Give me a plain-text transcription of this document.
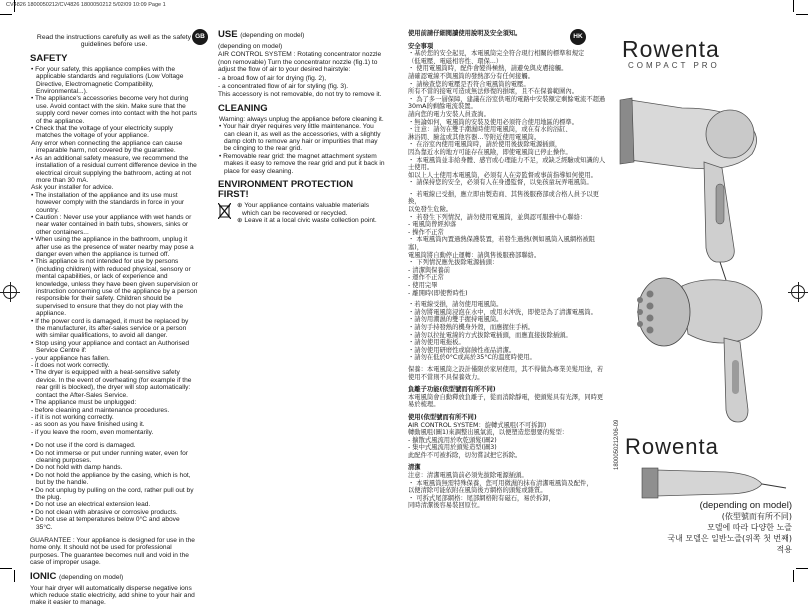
CV4826 1800050212/CV4826 1800050212 5/02/09 10:09 Page 1
GB	HK
Read the instructions carefully as well as the safety guidelines before use.
SAFETY
• For your safety, this appliance complies with the applicable standards and regulations (Low Voltage Directive, Electromagnetic Compatibility, Environmental...).
• The appliance's accessories become very hot during use. Avoid contact with the skin. Make sure that the supply cord never comes into contact with the hot parts of the appliance.
• Check that the voltage of your electricity supply matches the voltage of your appliance.
Any error when connecting the appliance can cause irreparable harm, not covered by the guarantee.
• As an additional safety measure, we recommend the installation of a residual current difference device in the electrical circuit supplying the bathroom, acting at not more than 30 mA.
Ask your installer for advice.
• The installation of the appliance and its use must however comply with the standards in force in your country.
• Caution : Never use your appliance with wet hands or near water contained in bath tubs, showers, sinks or other containers...
• When using the appliance in the bathroom, unplug it after use as the presence of water nearby may pose a danger even when the appliance is turned off.
• This appliance is not intended for use by persons (including children) with reduced physical, sensory or mental capabilities, or lack of experience and knowledge, unless they have been given supervision or instruction concerning use of the appliance by a person responsible for their safety. Children should be supervised to ensure that they do not play with the appliance.
• If the power cord is damaged, it must be replaced by the manufacturer, its after-sales service or a person with similar qualifications, to avoid all danger.
• Stop using your appliance and contact an Authorised Service Centre if:
- your appliance has fallen.
- it does not work correctly.
• The dryer is equipped with a heat-sensitive safety device. In the event of overheating (for example if the rear grill is blocked), the dryer will stop automatically: contact the After-Sales Service.
• The appliance must be unplugged:
- before cleaning and maintenance procedures.
- if it is not working correctly.
- as soon as you have finished using it.
- if you leave the room, even momentarily.
• Do not use if the cord is damaged.
• Do not immerse or put under running water, even for cleaning purposes.
• Do not hold with damp hands.
• Do not hold the appliance by the casing, which is hot, but by the handle.
• Do not unplug by pulling on the cord, rather pull out by the plug.
• Do not use an electrical extension lead.
• Do not clean with abrasive or corrosive products.
• Do not use at temperatures below 0°C and above 35°C.
GUARANTEE : Your appliance is designed for use in the home only. It should not be used for professional purposes. The guarantee becomes null and void in the case of improper usage.
IONIC (depending on model)
Your hair dryer will automatically disperse negative ions which reduce static electricity, add shine to your hair and make it easier to manage.
USE (depending on model)
(depending on model)
AIR CONTROL SYSTEM : Rotating concentrator nozzle (non removable) Turn the concentrator nozzle (fig.1) to adjust the flow of air to your desired hairstyle:
- a broad flow of air for drying (fig. 2),
- a concentrated flow of air for styling (fig. 3).
This accessory is not removable, do not try to remove it.
CLEANING
Warning: always unplug the appliance before cleaning it.
• Your hair dryer requires very little maintenance. You can clean it, as well as the accessories, with a slightly damp cloth to remove any hair or impurities that may be clinging to the rear grid.
• Removable rear grid: the magnet attachment system makes it easy to remove the rear grid and put it back in place for easy cleaning.
ENVIRONMENT PROTECTION FIRST!
⊕ Your appliance contains valuable materials which can be recovered or recycled.
⊕ Leave it at a local civic waste collection point.
使用前請仔細閱讀使用說明及安全須知。
安全事項
・基於您的安全起見，本電風筒完全符合現行相關的標準和規定
（低電壓、電磁相容性、環保...）
・ 使用電風筒時，配件會變得極熱，請避免與皮膚接觸。
請確認電線不與風筒的發熱部分有任何接觸。
・ 請檢查您的電壓是否符合電風筒的電壓。
所有不當的接電可造成無法修復的損壞，且不在保養範圍內。
・ 為了多一層保障，建議在浴室供電的電路中安裝額定剩餘電流不超過
30mA的剩餘電流裝置。
請向您的電力安裝人員查詢。
・無論如何，電風筒的安裝及使用必須符合使用地區的標準。
・注意：請勿在雙手潮濕時使用電風筒，或在有水的浴缸、
淋浴間、臉盆或其他容器…等附近使用電風筒。
・ 在浴室內使用電風筒時，請於使用後拔除電源插頭，
因為靠近水的地方可能存在風險，即使電風筒已停止操作。
・ 本電風筒並非給身體、感官或心理能力不足，或缺乏經驗或知識的人士使用。
如以上人士使用本電風筒，必須有人在旁監督或事前指導如何使用。
・ 請保持您的安全，必須有人在身邊監督，以免孩童玩弄電風筒。
・ 若電線已受損，應立即由製造商、其售後服務部或合格人員予以更換，
以免發生危險。
・ 若發生下列情況，請勿使用電風筒，並與認可服務中心聯絡：
- 電風筒曾經掉落
- 操作不正常
・ 本電風筒內置過熱保護裝置，若發生過熱(例如風筒入風網格被阻塞)，
電風筒將自動停止運轉：請與售後服務部聯絡。
・ 下列情況應先拔除電源插頭：
- 清潔與保養前
- 運作不正常
- 使用完畢
- 離開時(即使暫時性)
・若電線受損，請勿使用電風筒。
・請勿將電風筒浸泡在水中，或用水沖洗，即使是為了清潔電風筒。
・請勿用潮濕的雙手握持電風筒。
・請勿手持發熱的機身外殼，而應握住手柄。
・請勿以拉扯電線的方式拔除電插頭，而應直接拔除插頭。
・請勿使用電拖板。
・請勿使用研磨性或腐蝕性產品清潔。
・請勿在低於0°C或高於35°C的溫度時使用。
保養：本電風筒之設計僅限於家居使用，其不得做為專業美髮用途，若使用不當則不具保養效力。
負離子功能(依型號而有所不同)
本電風筒會自動釋放負離子，從而消除靜電，使頭髮具有光澤，同時更易於梳理。
使用(依型號而有所不同)
AIR CONTROL SYSTEM：旋轉式風咀(不可拆卸)
轉動風咀(圖1)來調整出風氣流，以便塑造您想要的髮型：
- 擴散式風流用於吹乾頭髮(圖2)
- 集中式風流用於頭髮造型(圖3)
此配件不可被拆除，切勿嘗試把它拆除。
清潔
注意：清潔電風筒前必須先拔除電源插頭。
・ 本電風筒無需特殊保養，您可用微濕的抹布清潔電風筒及配件，
以便清除可能依附在風筒後方網格的頭髮或雜質。
・ 可拆式尾部網格：尾部網格附有磁石，易於拆卸，
同時清潔後容易裝回原位。
Rowenta
COMPACT PRO
Rowenta
1800050212/06-09
(depending on model)
(依型號而有所不同)
모델에 따라 다양한 노즐
국내 모델은 일반노즐(위쪽 첫 번째)
적용
